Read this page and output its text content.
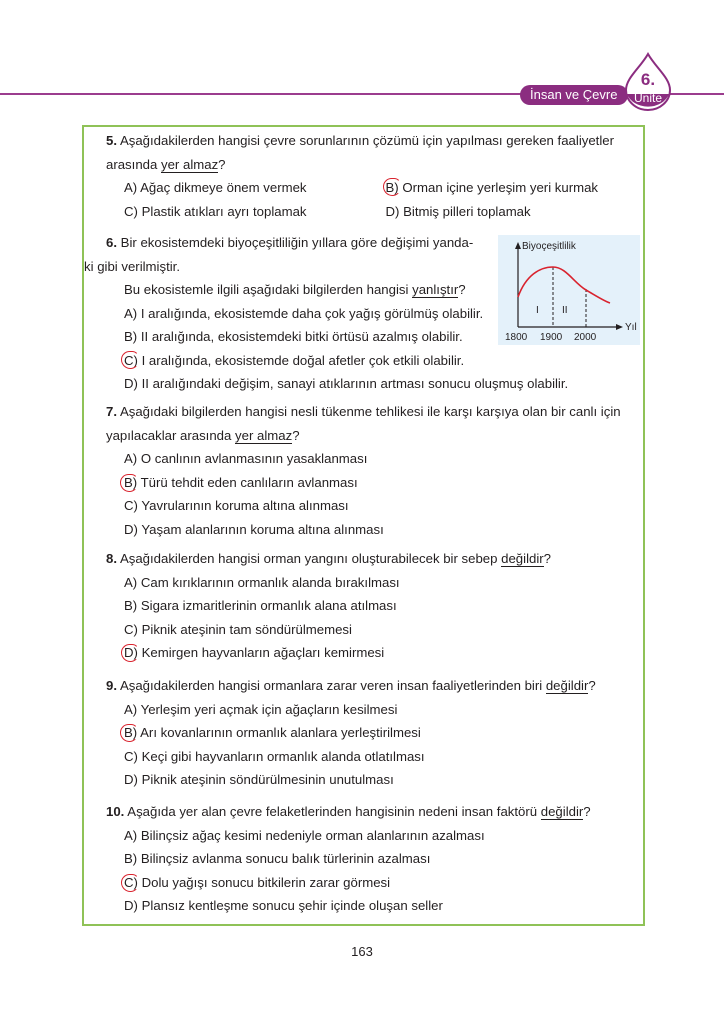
İnsan ve Çevre
6.
Ünite
5. Aşağıdakilerden hangisi çevre sorunlarının çözümü için yapılması gereken faaliyetler arasında yer almaz?
A) Ağaç dikmeye önem vermek	B) Orman içine yerleşim yeri kurmak
C) Plastik atıkları ayrı toplamak	D) Bitmiş pilleri toplamak
6. Bir ekosistemdeki biyoçeşitliliğin yıllara göre değişimi yanda-
ki gibi verilmiştir.
Bu ekosistemle ilgili aşağıdaki bilgilerden hangisi yanlıştır?
A) I aralığında, ekosistemde daha çok yağış görülmüş olabilir.
B) II aralığında, ekosistemdeki bitki örtüsü azalmış olabilir.
C) I aralığında, ekosistemde doğal afetler çok etkili olabilir.
D) II aralığındaki değişim, sanayi atıklarının artması sonucu oluşmuş olabilir.
7. Aşağıdaki bilgilerden hangisi nesli tükenme tehlikesi ile karşı karşıya olan bir canlı için yapılacaklar arasında yer almaz?
A) O canlının avlanmasının yasaklanması
B) Türü tehdit eden canlıların avlanması
C) Yavrularının koruma altına alınması
D) Yaşam alanlarının koruma altına alınması
8. Aşağıdakilerden hangisi orman yangını oluşturabilecek bir sebep değildir?
A) Cam kırıklarının ormanlık alanda bırakılması
B) Sigara izmaritlerinin ormanlık alana atılması
C) Piknik ateşinin tam söndürülmemesi
D) Kemirgen hayvanların ağaçları kemirmesi
9. Aşağıdakilerden hangisi ormanlara zarar veren insan faaliyetlerinden biri değildir?
A) Yerleşim yeri açmak için ağaçların kesilmesi
B) Arı kovanlarının ormanlık alanlara yerleştirilmesi
C) Keçi gibi hayvanların ormanlık alanda otlatılması
D) Piknik ateşinin söndürülmesinin unutulması
10. Aşağıda yer alan çevre felaketlerinden hangisinin nedeni insan faktörü değildir?
A) Bilinçsiz ağaç kesimi nedeniyle orman alanlarının azalması
B) Bilinçsiz avlanma sonucu balık türlerinin azalması
C) Dolu yağışı sonucu bitkilerin zarar görmesi
D) Plansız kentleşme sonucu şehir içinde oluşan seller
Biyoçeşitlilik
Yıl
I II
1800 1900 2000
163
